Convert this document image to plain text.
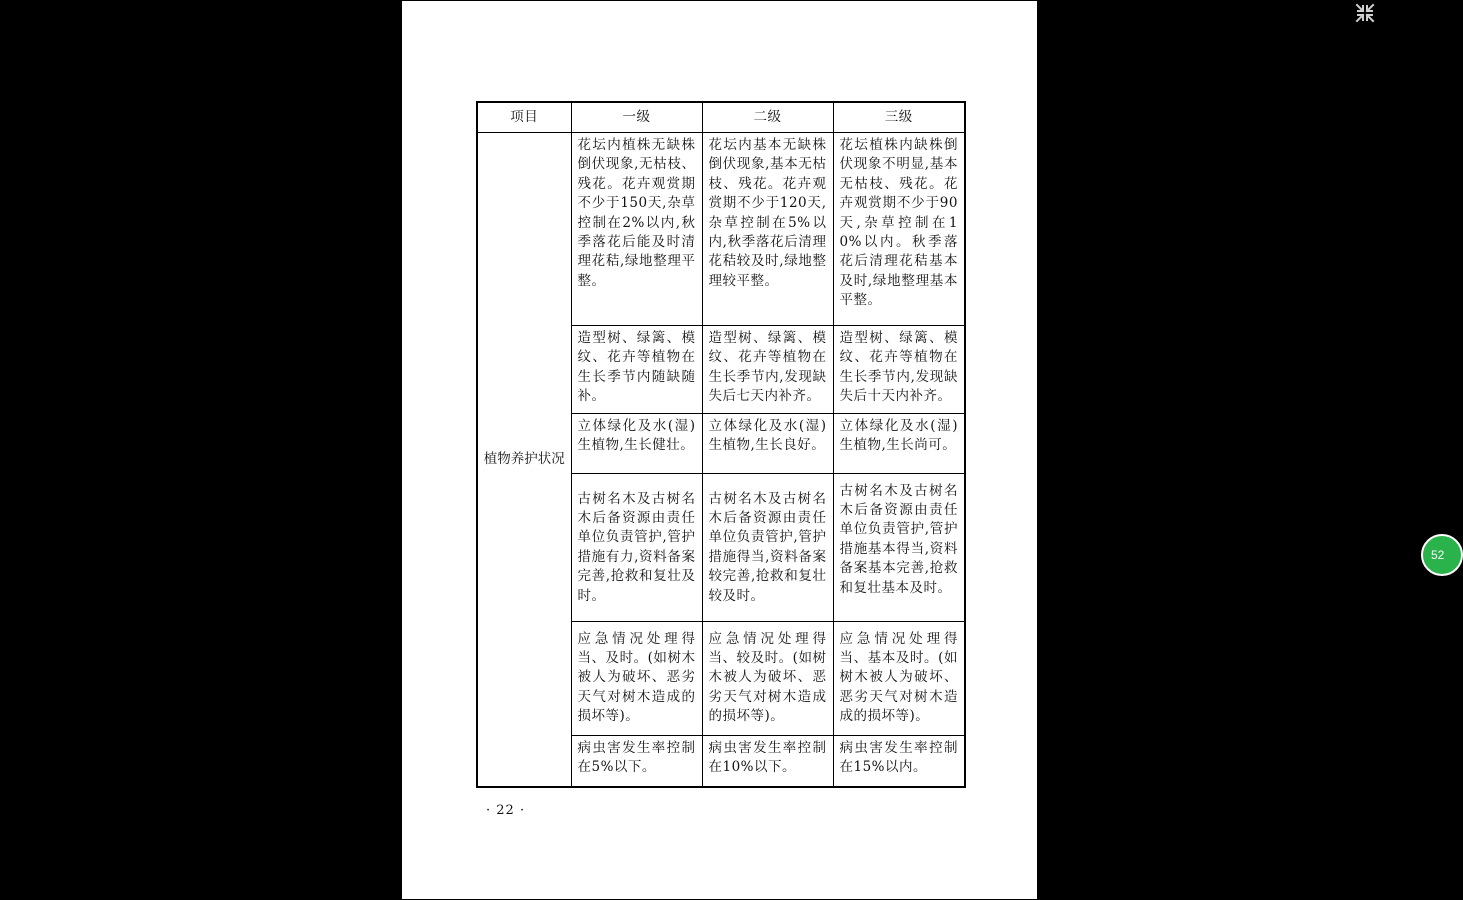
项目	一级	二级	三级
植物养护状况	花坛内植株无缺株倒伏现象,无枯枝、残花。花卉观赏期不少于150天,杂草控制在2%以内,秋季落花后能及时清理花秸,绿地整理平整。	花坛内基本无缺株倒伏现象,基本无枯枝、残花。花卉观赏期不少于120天,杂草控制在5%以内,秋季落花后清理花秸较及时,绿地整理较平整。	花坛植株内缺株倒伏现象不明显,基本无枯枝、残花。花卉观赏期不少于90天,杂草控制在10%以内。秋季落花后清理花秸基本及时,绿地整理基本平整。
	造型树、绿篱、模纹、花卉等植物在生长季节内随缺随补。	造型树、绿篱、模纹、花卉等植物在生长季节内,发现缺失后七天内补齐。	造型树、绿篱、模纹、花卉等植物在生长季节内,发现缺失后十天内补齐。
	立体绿化及水(湿)生植物,生长健壮。	立体绿化及水(湿)生植物,生长良好。	立体绿化及水(湿)生植物,生长尚可。
	古树名木及古树名木后备资源由责任单位负责管护,管护措施有力,资料备案完善,抢救和复壮及时。	古树名木及古树名木后备资源由责任单位负责管护,管护措施得当,资料备案较完善,抢救和复壮较及时。	古树名木及古树名木后备资源由责任单位负责管护,管护措施基本得当,资料备案基本完善,抢救和复壮基本及时。
	应急情况处理得当、及时。(如树木被人为破坏、恶劣天气对树木造成的损坏等)。	应急情况处理得当、较及时。(如树木被人为破坏、恶劣天气对树木造成的损坏等)。	应急情况处理得当、基本及时。(如树木被人为破坏、恶劣天气对树木造成的损坏等)。
	病虫害发生率控制在5%以下。	病虫害发生率控制在10%以下。	病虫害发生率控制在15%以内。
· 22 ·
52
